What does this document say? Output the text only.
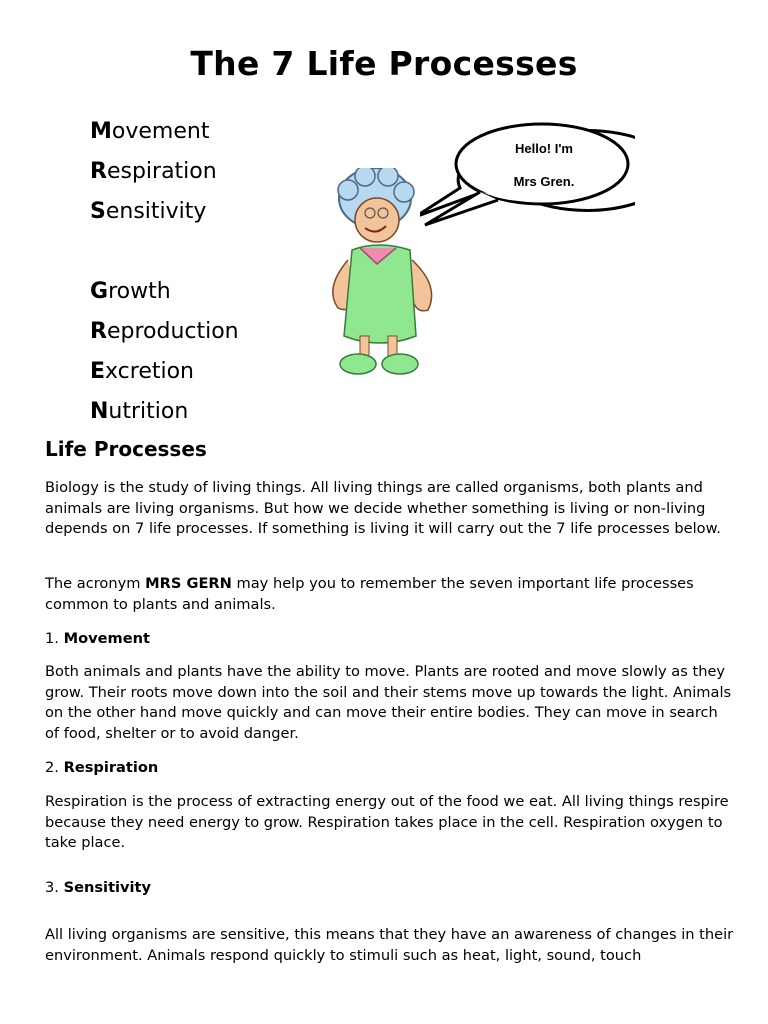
The 7 Life Processes
Movement
Respiration
Sensitivity
Growth
Reproduction
Excretion
Nutrition
Hello! I'm
Mrs Gren.
Life Processes

Biology is the study of living things. All living things are called organisms, both plants and animals are living organisms. But how we decide whether something is living or non-living depends on 7 life processes. If something is living it will carry out the 7 life processes below.

The acronym MRS GERN may help you to remember the seven important life processes common to plants and animals.

1. Movement

Both animals and plants have the ability to move. Plants are rooted and move slowly as they grow. Their roots move down into the soil and their stems move up towards the light. Animals on the other hand move quickly and can move their entire bodies. They can move in search of food, shelter or to avoid danger.

2. Respiration

Respiration is the process of extracting energy out of the food we eat. All living things respire because they need energy to grow. Respiration takes place in the cell. Respiration oxygen to take place.

3. Sensitivity

All living organisms are sensitive, this means that they have an awareness of changes in their environment. Animals respond quickly to stimuli such as heat, light, sound, touch
